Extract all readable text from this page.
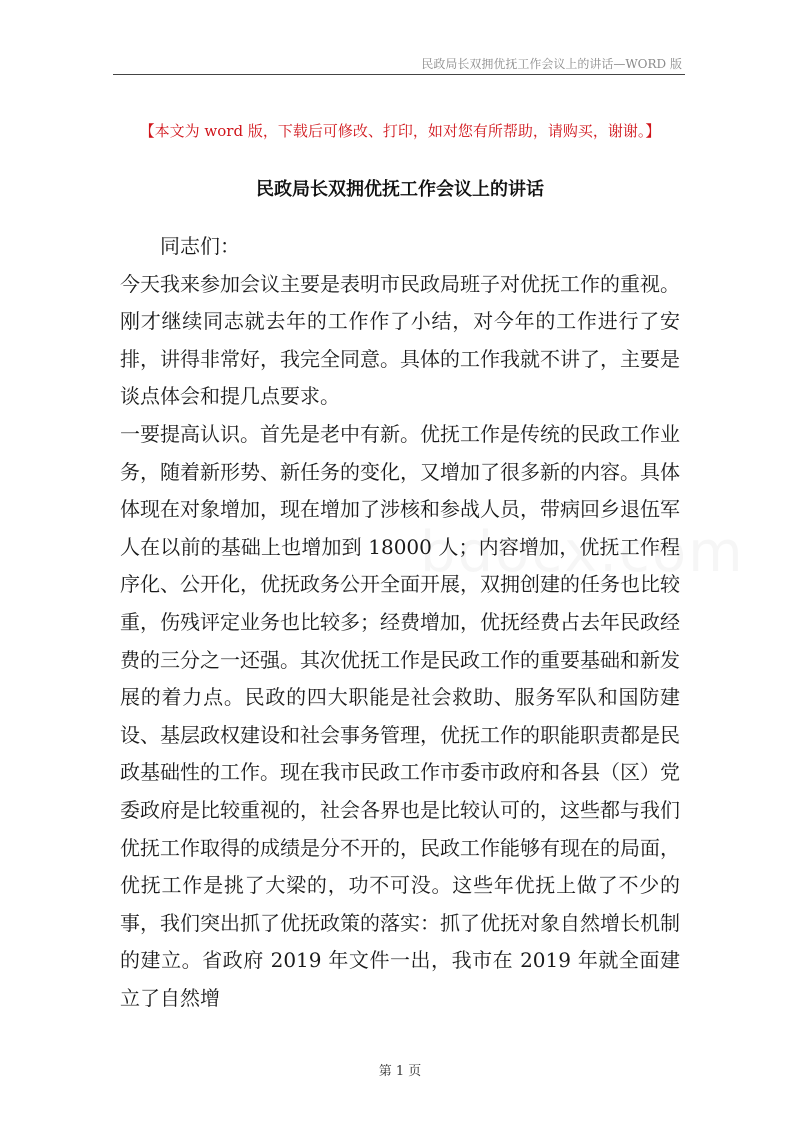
民政局长双拥优抚工作会议上的讲话—WORD 版
【本文为 word 版，下载后可修改、打印，如对您有所帮助，请购买，谢谢。】
民政局长双拥优抚工作会议上的讲话

同志们：

今天我来参加会议主要是表明市民政局班子对优抚工作的重视。刚才继续同志就去年的工作作了小结，对今年的工作进行了安排，讲得非常好，我完全同意。具体的工作我就不讲了，主要是谈点体会和提几点要求。

一要提高认识。首先是老中有新。优抚工作是传统的民政工作业务，随着新形势、新任务的变化，又增加了很多新的内容。具体体现在对象增加，现在增加了涉核和参战人员，带病回乡退伍军人在以前的基础上也增加到 18000 人；内容增加，优抚工作程序化、公开化，优抚政务公开全面开展，双拥创建的任务也比较重，伤残评定业务也比较多；经费增加，优抚经费占去年民政经费的三分之一还强。其次优抚工作是民政工作的重要基础和新发展的着力点。民政的四大职能是社会救助、服务军队和国防建设、基层政权建设和社会事务管理，优抚工作的职能职责都是民政基础性的工作。现在我市民政工作市委市政府和各县（区）党委政府是比较重视的，社会各界也是比较认可的，这些都与我们优抚工作取得的成绩是分不开的，民政工作能够有现在的局面，优抚工作是挑了大梁的，功不可没。这些年优抚上做了不少的事，我们突出抓了优抚政策的落实：抓了优抚对象自然增长机制的建立。省政府 2019 年文件一出，我市在 2019 年就全面建立了自然增

第 1 页
